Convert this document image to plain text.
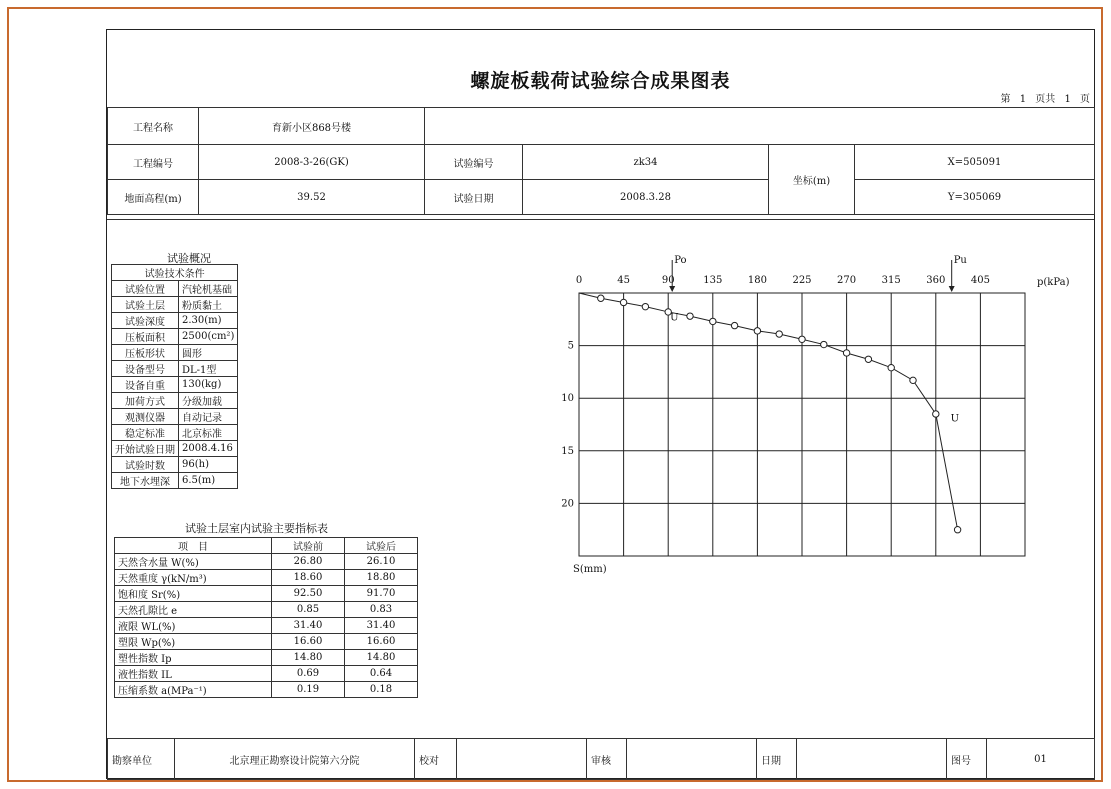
螺旋板载荷试验综合成果图表
第 1 页共 1 页
工程名称	育新小区868号楼				
工程编号	2008-3-26(GK)	试验编号	zk34	坐标(m)	X=505091
地面高程(m)	39.52	试验日期	2008.3.28		Y=305069
试验概况
试验技术条件	
试验位置	汽轮机基础
试验土层	粉质黏土
试验深度	2.30(m)
压板面积	2500(cm²)
压板形状	圆形
设备型号	DL-1型
设备自重	130(kg)
加荷方式	分级加载
观测仪器	自动记录
稳定标准	北京标准
开始试验日期	2008.4.16
试验时数	96(h)
地下水埋深	6.5(m)
试验土层室内试验主要指标表
项　目	试验前	试验后
天然含水量 W(%)	26.80	26.10
天然重度 γ(kN/m³)	18.60	18.80
饱和度 Sr(%)	92.50	91.70
天然孔隙比 e	0.85	0.83
液限 WL(%)	31.40	31.40
塑限 Wp(%)	16.60	16.60
塑性指数 Ip	14.80	14.80
液性指数 IL	0.69	0.64
压缩系数 a(MPa⁻¹)	0.19	0.18
0	45	90	135	180	225	270	315	360	405
5
10
15
20
p(kPa)
S(mm)
Po	Pu
U
U
勘察单位	北京理正勘察设计院第六分院	校对		审核		日期		图号	01
